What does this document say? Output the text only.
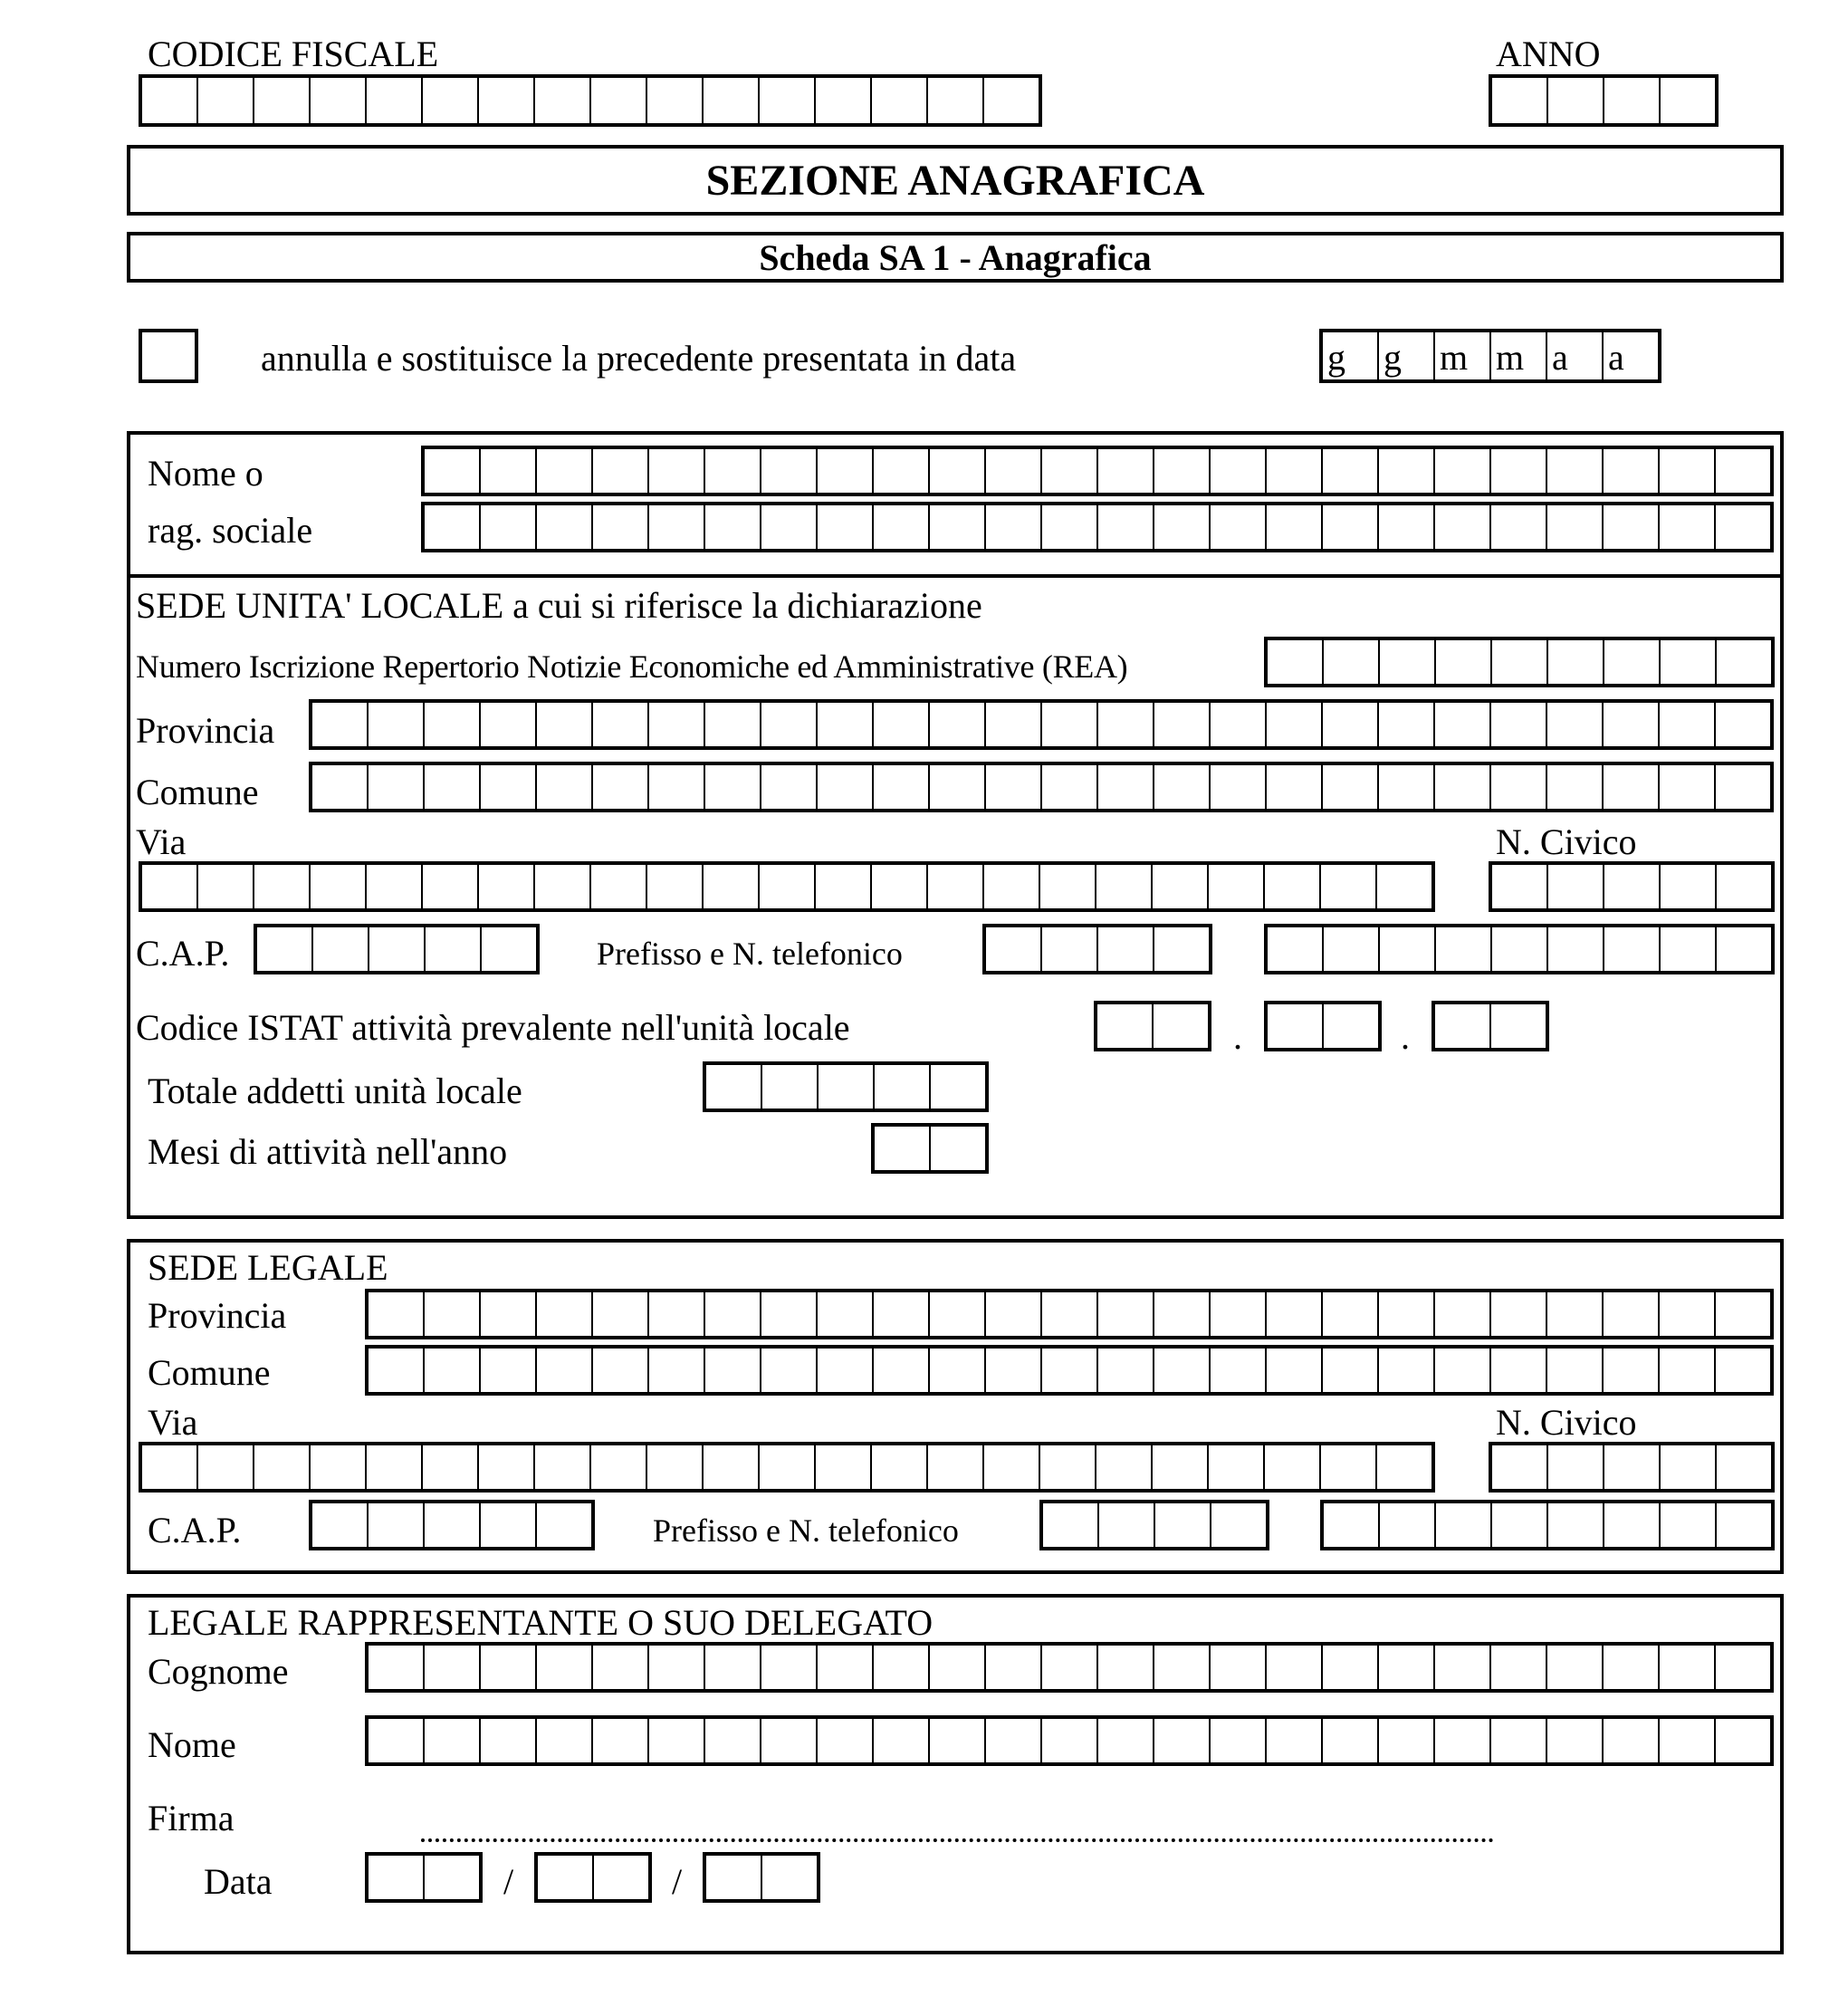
CODICE FISCALE	ANNO
SEZIONE ANAGRAFICA
Scheda SA 1 - Anagrafica
annulla e sostituisce la precedente presentata in data	g	g	m m a	a
Nome o
rag. sociale
SEDE UNITA' LOCALE a cui si riferisce la dichiarazione
Numero Iscrizione Repertorio Notizie Economiche ed Amministrative (REA)
Provincia
Comune
Via	N. Civico
C.A.P.	Prefisso e N. telefonico
Codice ISTAT attività prevalente nell'unità locale	.	.
Totale addetti unità locale
Mesi di attività nell'anno
SEDE LEGALE
Provincia
Comune
Via	N. Civico
C.A.P.	Prefisso e N. telefonico
LEGALE RAPPRESENTANTE O SUO DELEGATO
Cognome
Nome
Firma
Data	/	/
